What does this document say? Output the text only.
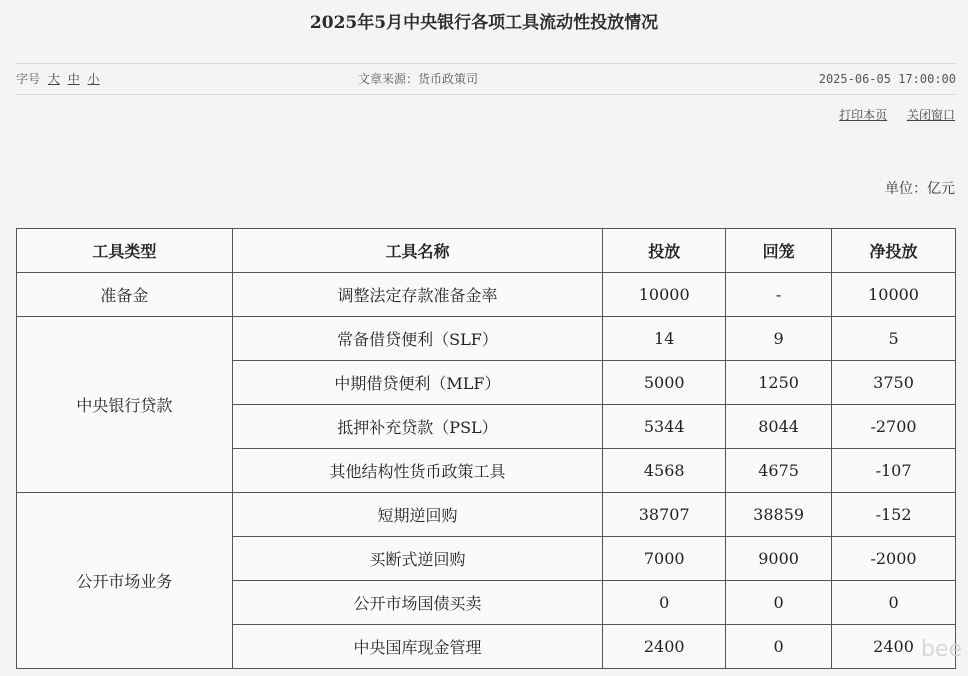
2025年5月中央银行各项工具流动性投放情况
字号 大 中 小	文章来源：货币政策司	2025-06-05 17:00:00
打印本页 关闭窗口
单位：亿元
工具类型	工具名称	投放	回笼	净投放
准备金	调整法定存款准备金率	10000	-	10000
中央银行贷款	常备借贷便利（SLF）	14	9	5
	中期借贷便利（MLF）	5000	1250	3750
	抵押补充贷款（PSL）	5344	8044	-2700
	其他结构性货币政策工具	4568	4675	-107
公开市场业务	短期逆回购	38707	38859	-152
	买断式逆回购	7000	9000	-2000
	公开市场国债买卖	0	0	0
	中央国库现金管理	2400	0	2400 bee
